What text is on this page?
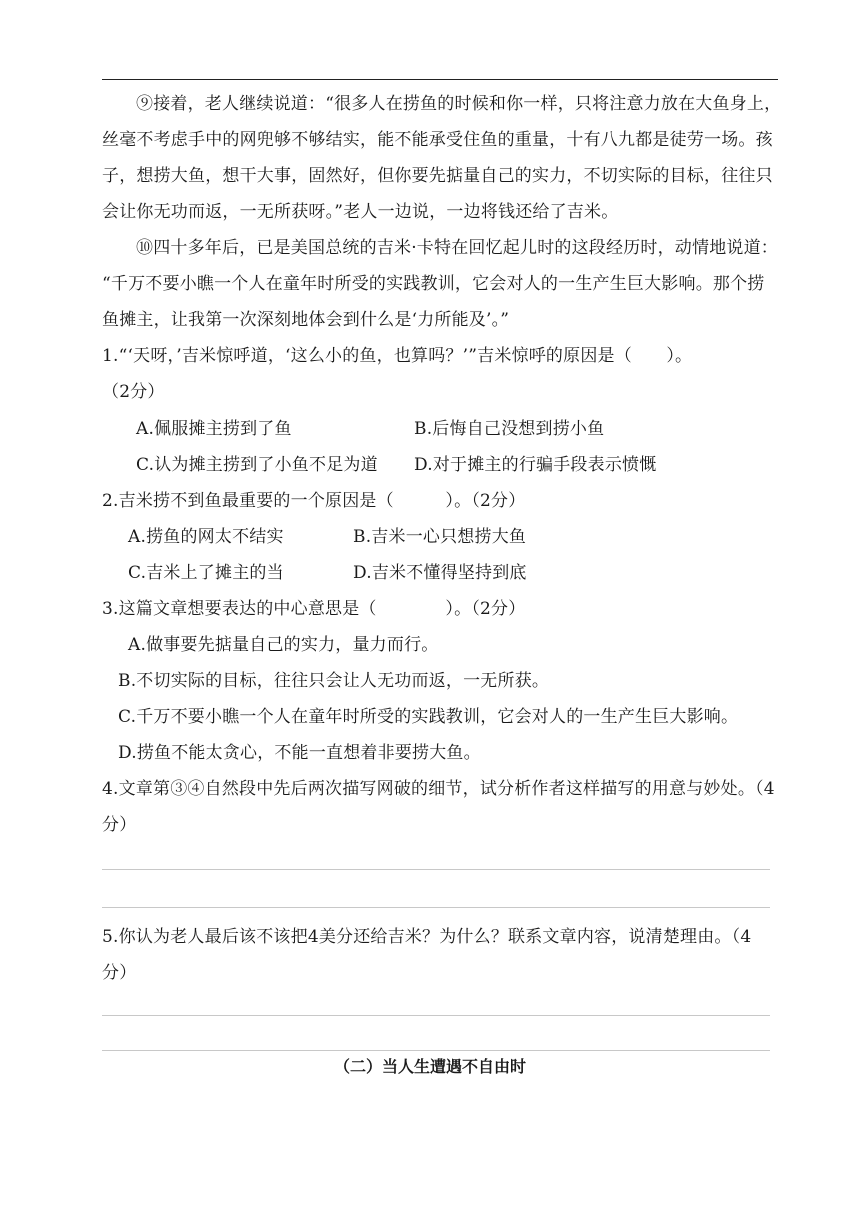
⑨接着，老人继续说道：“很多人在捞鱼的时候和你一样，只将注意力放在大鱼身上，
丝毫不考虑手中的网兜够不够结实，能不能承受住鱼的重量，十有八九都是徒劳一场。孩
子，想捞大鱼，想干大事，固然好，但你要先掂量自己的实力，不切实际的目标，往往只
会让你无功而返，一无所获呀。”老人一边说，一边将钱还给了吉米。
⑩四十多年后，已是美国总统的吉米·卡特在回忆起儿时的这段经历时，动情地说道：
“千万不要小瞧一个人在童年时所受的实践教训，它会对人的一生产生巨大影响。那个捞
鱼摊主，让我第一次深刻地体会到什么是‘力所能及’。”
1.“‘天呀，’吉米惊呼道，‘这么小的鱼，也算吗？’”吉米惊呼的原因是（　　）。
（2分）
A.佩服摊主捞到了鱼	B.后悔自己没想到捞小鱼
C.认为摊主捞到了小鱼不足为道 D.对于摊主的行骗手段表示愤慨
2.吉米捞不到鱼最重要的一个原因是（　　　）。（2分）
A.捞鱼的网太不结实	B.吉米一心只想捞大鱼
C.吉米上了摊主的当	D.吉米不懂得坚持到底
3.这篇文章想要表达的中心意思是（　　　　）。（2分）
A.做事要先掂量自己的实力，量力而行。
B.不切实际的目标，往往只会让人无功而返，一无所获。
C.千万不要小瞧一个人在童年时所受的实践教训，它会对人的一生产生巨大影响。
D.捞鱼不能太贪心，不能一直想着非要捞大鱼。
4.文章第③④自然段中先后两次描写网破的细节，试分析作者这样描写的用意与妙处。（4
分）
5.你认为老人最后该不该把4美分还给吉米？为什么？联系文章内容，说清楚理由。（4
分）
（二）当人生遭遇不自由时
